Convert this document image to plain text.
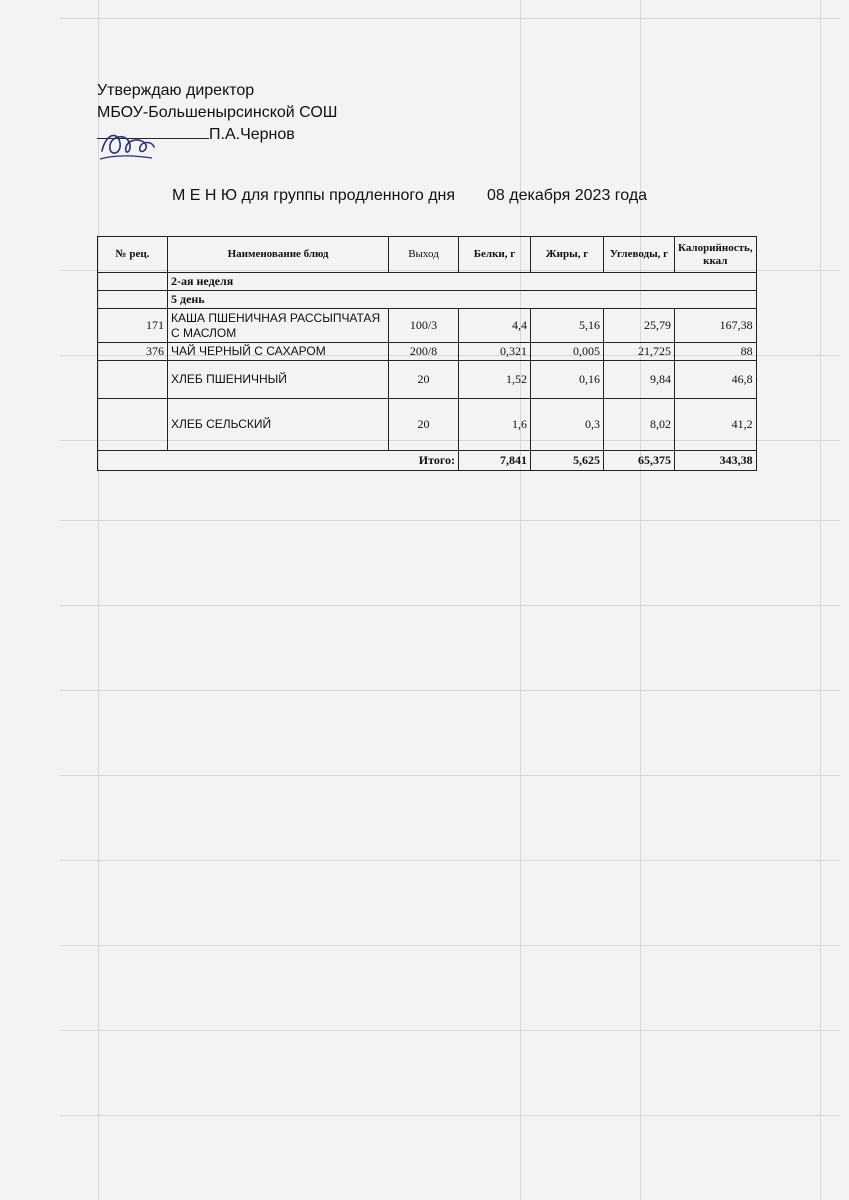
Утверждаю директор
МБОУ-Большеныpсинской СОШ
П.А.Чернов
М Е Н Ю для группы продленного дня 08 декабря 2023 года
№ рец.	Наименование блюд	Выход	Белки, г	Жиры, г	Углеводы, г	Калорийность, ккал
	2-ая неделя					
	5 день					
171	КАША ПШЕНИЧНАЯ РАССЫПЧАТАЯ С МАСЛОМ	100/3	4,4	5,16	25,79	167,38
376	ЧАЙ ЧЕРНЫЙ С САХАРОМ	200/8	0,321	0,005	21,725	88
	ХЛЕБ ПШЕНИЧНЫЙ	20	1,52	0,16	9,84	46,8
	ХЛЕБ СЕЛЬСКИЙ	20	1,6	0,3	8,02	41,2
Итого:			7,841	5,625	65,375	343,38
